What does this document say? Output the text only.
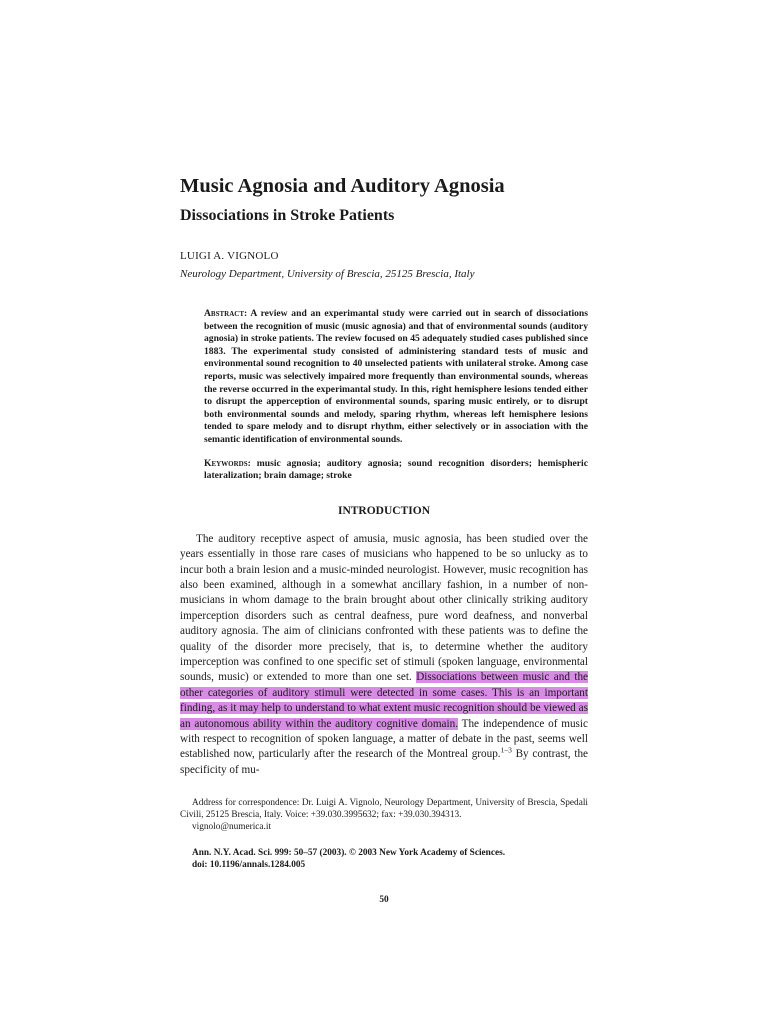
Music Agnosia and Auditory Agnosia
Dissociations in Stroke Patients
LUIGI A. VIGNOLO
Neurology Department, University of Brescia, 25125 Brescia, Italy
Abstract: A review and an experimantal study were carried out in search of dissociations between the recognition of music (music agnosia) and that of environmental sounds (auditory agnosia) in stroke patients. The review focused on 45 adequately studied cases published since 1883. The experimental study consisted of administering standard tests of music and environmental sound recognition to 40 unselected patients with unilateral stroke. Among case reports, music was selectively impaired more frequently than environmental sounds, whereas the reverse occurred in the experimantal study. In this, right hemisphere lesions tended either to disrupt the apperception of environmental sounds, sparing music entirely, or to disrupt both environmental sounds and melody, sparing rhythm, whereas left hemisphere lesions tended to spare melody and to disrupt rhythm, either selectively or in association with the semantic identification of environmental sounds.
Keywords: music agnosia; auditory agnosia; sound recognition disorders; hemispheric lateralization; brain damage; stroke
INTRODUCTION
The auditory receptive aspect of amusia, music agnosia, has been studied over the years essentially in those rare cases of musicians who happened to be so unlucky as to incur both a brain lesion and a music-minded neurologist. However, music recognition has also been examined, although in a somewhat ancillary fashion, in a number of non-musicians in whom damage to the brain brought about other clinically striking auditory imperception disorders such as central deafness, pure word deafness, and nonverbal auditory agnosia. The aim of clinicians confronted with these patients was to define the quality of the disorder more precisely, that is, to determine whether the auditory imperception was confined to one specific set of stimuli (spoken language, environmental sounds, music) or extended to more than one set. Dissociations between music and the other categories of auditory stimuli were detected in some cases. This is an important finding, as it may help to understand to what extent music recognition should be viewed as an autonomous ability within the auditory cognitive domain. The independence of music with respect to recognition of spoken language, a matter of debate in the past, seems well established now, particularly after the research of the Montreal group.$^{1-3}$ By contrast, the specificity of mu-
Address for correspondence: Dr. Luigi A. Vignolo, Neurology Department, University of Brescia, Spedali Civili, 25125 Brescia, Italy. Voice: +39.030.3995632; fax: +39.030.394313.
vignolo@numerica.it
Ann. N.Y. Acad. Sci. 999: 50–57 (2003). © 2003 New York Academy of Sciences.
doi: 10.1196/annals.1284.005
50
